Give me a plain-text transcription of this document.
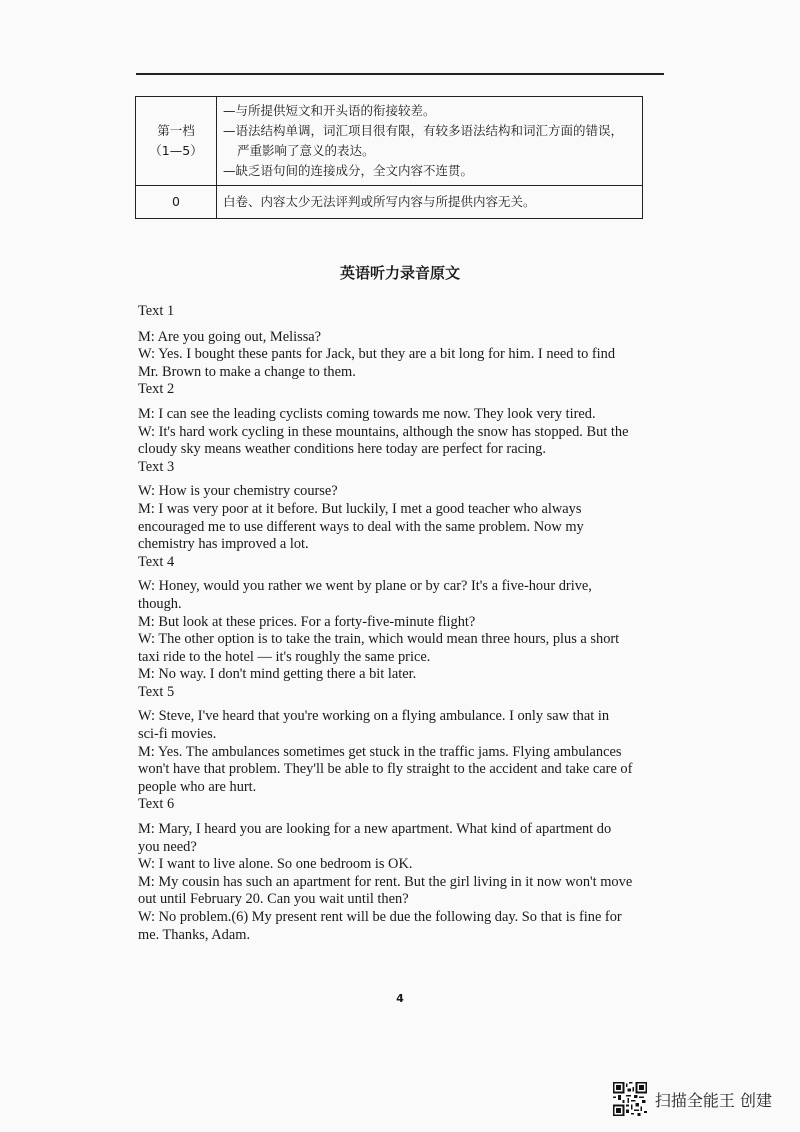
第一档
（1—5）	—与所提供短文和开头语的衔接较差。
—语法结构单调，词汇项目很有限，有较多语法结构和词汇方面的错误，
严重影响了意义的表达。
—缺乏语句间的连接成分，全文内容不连贯。

0	白卷、内容太少无法评判或所写内容与所提供内容无关。
英语听力录音原文
Text 1
M: Are you going out, Melissa?
W: Yes. I bought these pants for Jack, but they are a bit long for him. I need to find
Mr. Brown to make a change to them.
Text 2
M: I can see the leading cyclists coming towards me now. They look very tired.
W: It's hard work cycling in these mountains, although the snow has stopped. But the
cloudy sky means weather conditions here today are perfect for racing.
Text 3
W: How is your chemistry course?
M: I was very poor at it before. But luckily, I met a good teacher who always
encouraged me to use different ways to deal with the same problem. Now my
chemistry has improved a lot.
Text 4
W: Honey, would you rather we went by plane or by car? It's a five-hour drive,
though.
M: But look at these prices. For a forty-five-minute flight?
W: The other option is to take the train, which would mean three hours, plus a short
taxi ride to the hotel — it's roughly the same price.
M: No way. I don't mind getting there a bit later.
Text 5
W: Steve, I've heard that you're working on a flying ambulance. I only saw that in
sci-fi movies.
M: Yes. The ambulances sometimes get stuck in the traffic jams. Flying ambulances
won't have that problem. They'll be able to fly straight to the accident and take care of
people who are hurt.
Text 6
M: Mary, I heard you are looking for a new apartment. What kind of apartment do
you need?
W: I want to live alone. So one bedroom is OK.
M: My cousin has such an apartment for rent. But the girl living in it now won't move
out until February 20. Can you wait until then?
W: No problem.(6) My present rent will be due the following day. So that is fine for
me. Thanks, Adam.
4
扫描全能王 创建
